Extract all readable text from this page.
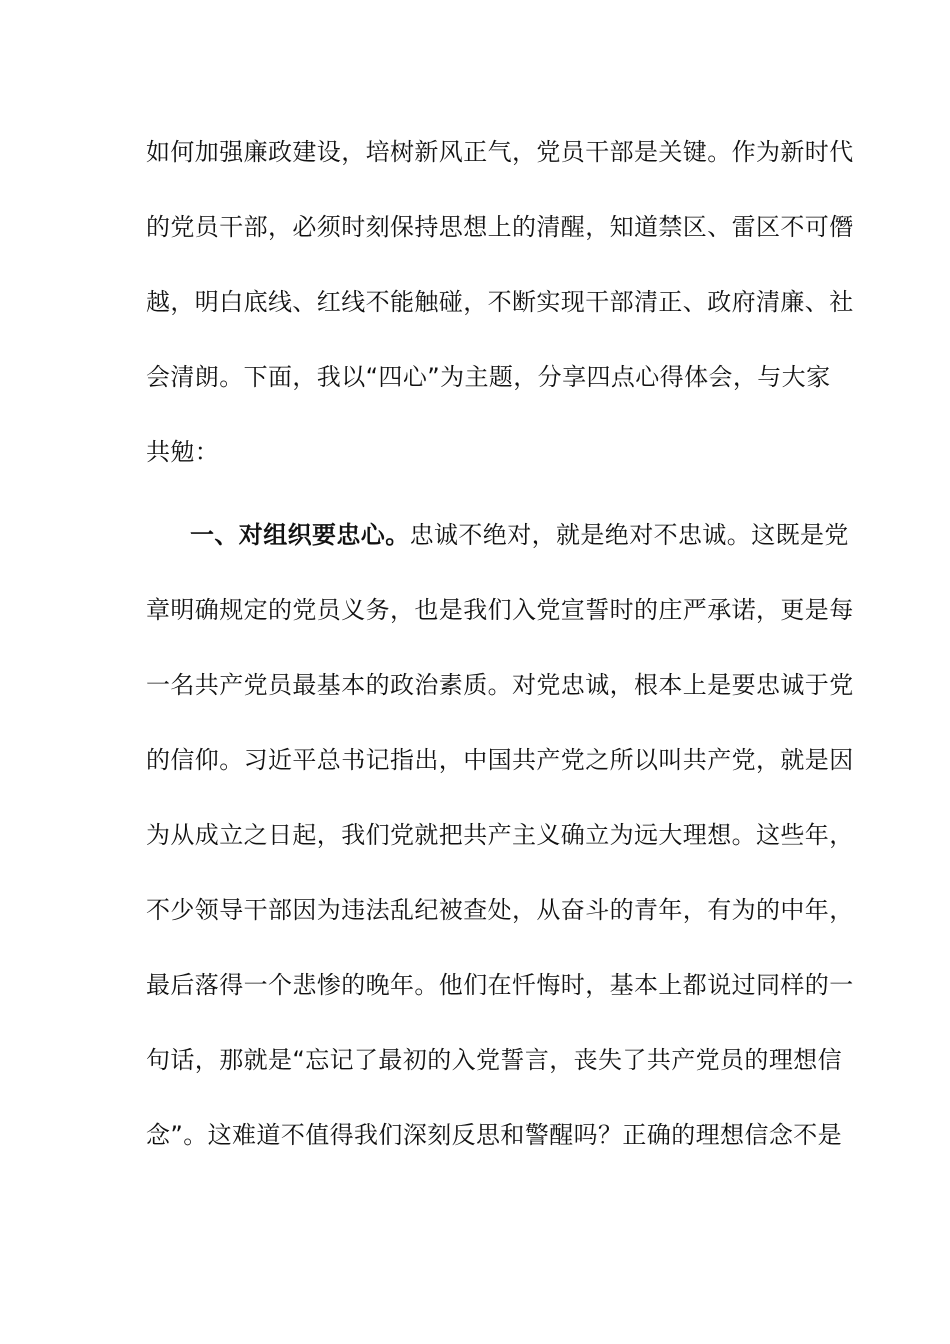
如何加强廉政建设，培树新风正气，党员干部是关键。作为新时代
的党员干部，必须时刻保持思想上的清醒，知道禁区、雷区不可僭
越，明白底线、红线不能触碰，不断实现干部清正、政府清廉、社
会清朗。下面，我以“四心”为主题，分享四点心得体会，与大家
共勉：
一、对组织要忠心。忠诚不绝对，就是绝对不忠诚。这既是党
章明确规定的党员义务，也是我们入党宣誓时的庄严承诺，更是每
一名共产党员最基本的政治素质。对党忠诚，根本上是要忠诚于党
的信仰。习近平总书记指出，中国共产党之所以叫共产党，就是因
为从成立之日起，我们党就把共产主义确立为远大理想。这些年，
不少领导干部因为违法乱纪被查处，从奋斗的青年，有为的中年，
最后落得一个悲惨的晚年。他们在忏悔时，基本上都说过同样的一
句话，那就是“忘记了最初的入党誓言，丧失了共产党员的理想信
念”。这难道不值得我们深刻反思和警醒吗？正确的理想信念不是
